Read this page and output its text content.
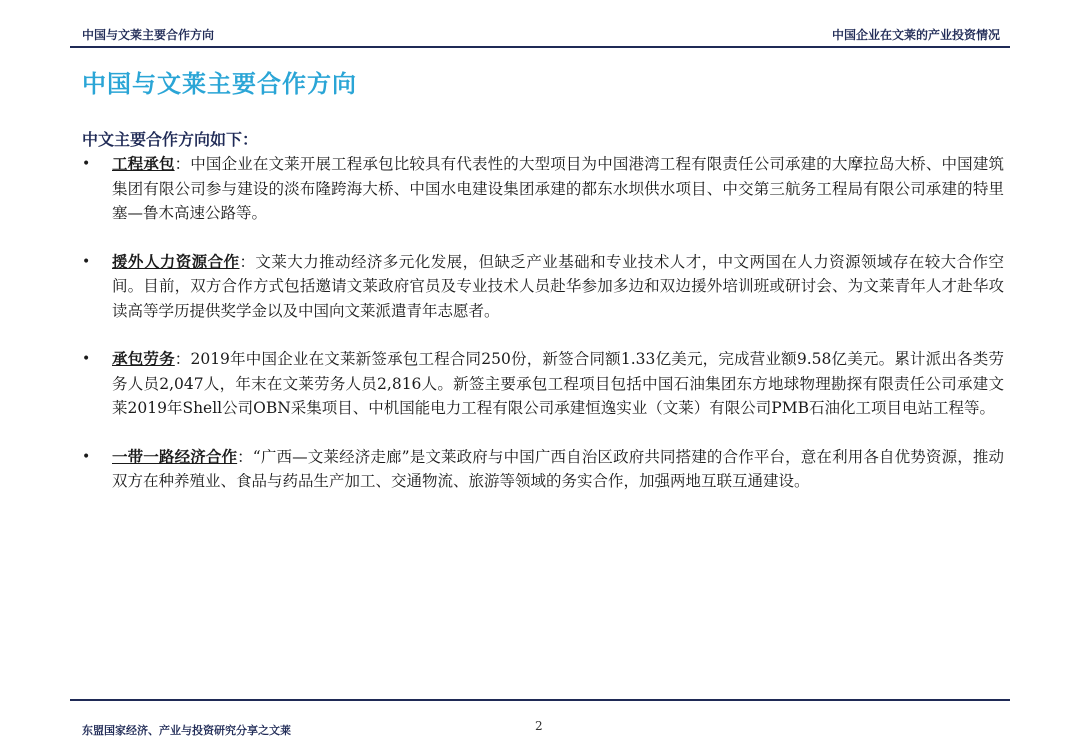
中国与文莱主要合作方向	中国企业在文莱的产业投资情况
中国与文莱主要合作方向

中文主要合作方向如下：

• 工程承包：中国企业在文莱开展工程承包比较具有代表性的大型项目为中国港湾工程有限责任公司承建的大摩拉岛大桥、中国建筑集团有限公司参与建设的淡布隆跨海大桥、中国水电建设集团承建的都东水坝供水项目、中交第三航务工程局有限公司承建的特里塞—鲁木高速公路等。
• 援外人力资源合作：文莱大力推动经济多元化发展，但缺乏产业基础和专业技术人才，中文两国在人力资源领域存在较大合作空间。目前，双方合作方式包括邀请文莱政府官员及专业技术人员赴华参加多边和双边援外培训班或研讨会、为文莱青年人才赴华攻读高等学历提供奖学金以及中国向文莱派遣青年志愿者。
• 承包劳务：2019年中国企业在文莱新签承包工程合同250份，新签合同额1.33亿美元，完成营业额9.58亿美元。累计派出各类劳务人员2,047人，年末在文莱劳务人员2,816人。新签主要承包工程项目包括中国石油集团东方地球物理勘探有限责任公司承建文莱2019年Shell公司OBN采集项目、中机国能电力工程有限公司承建恒逸实业（文莱）有限公司PMB石油化工项目电站工程等。
• 一带一路经济合作：“广西—文莱经济走廊”是文莱政府与中国广西自治区政府共同搭建的合作平台，意在利用各自优势资源，推动双方在种养殖业、食品与药品生产加工、交通物流、旅游等领域的务实合作，加强两地互联互通建设。
东盟国家经济、产业与投资研究分享之文莱	2
